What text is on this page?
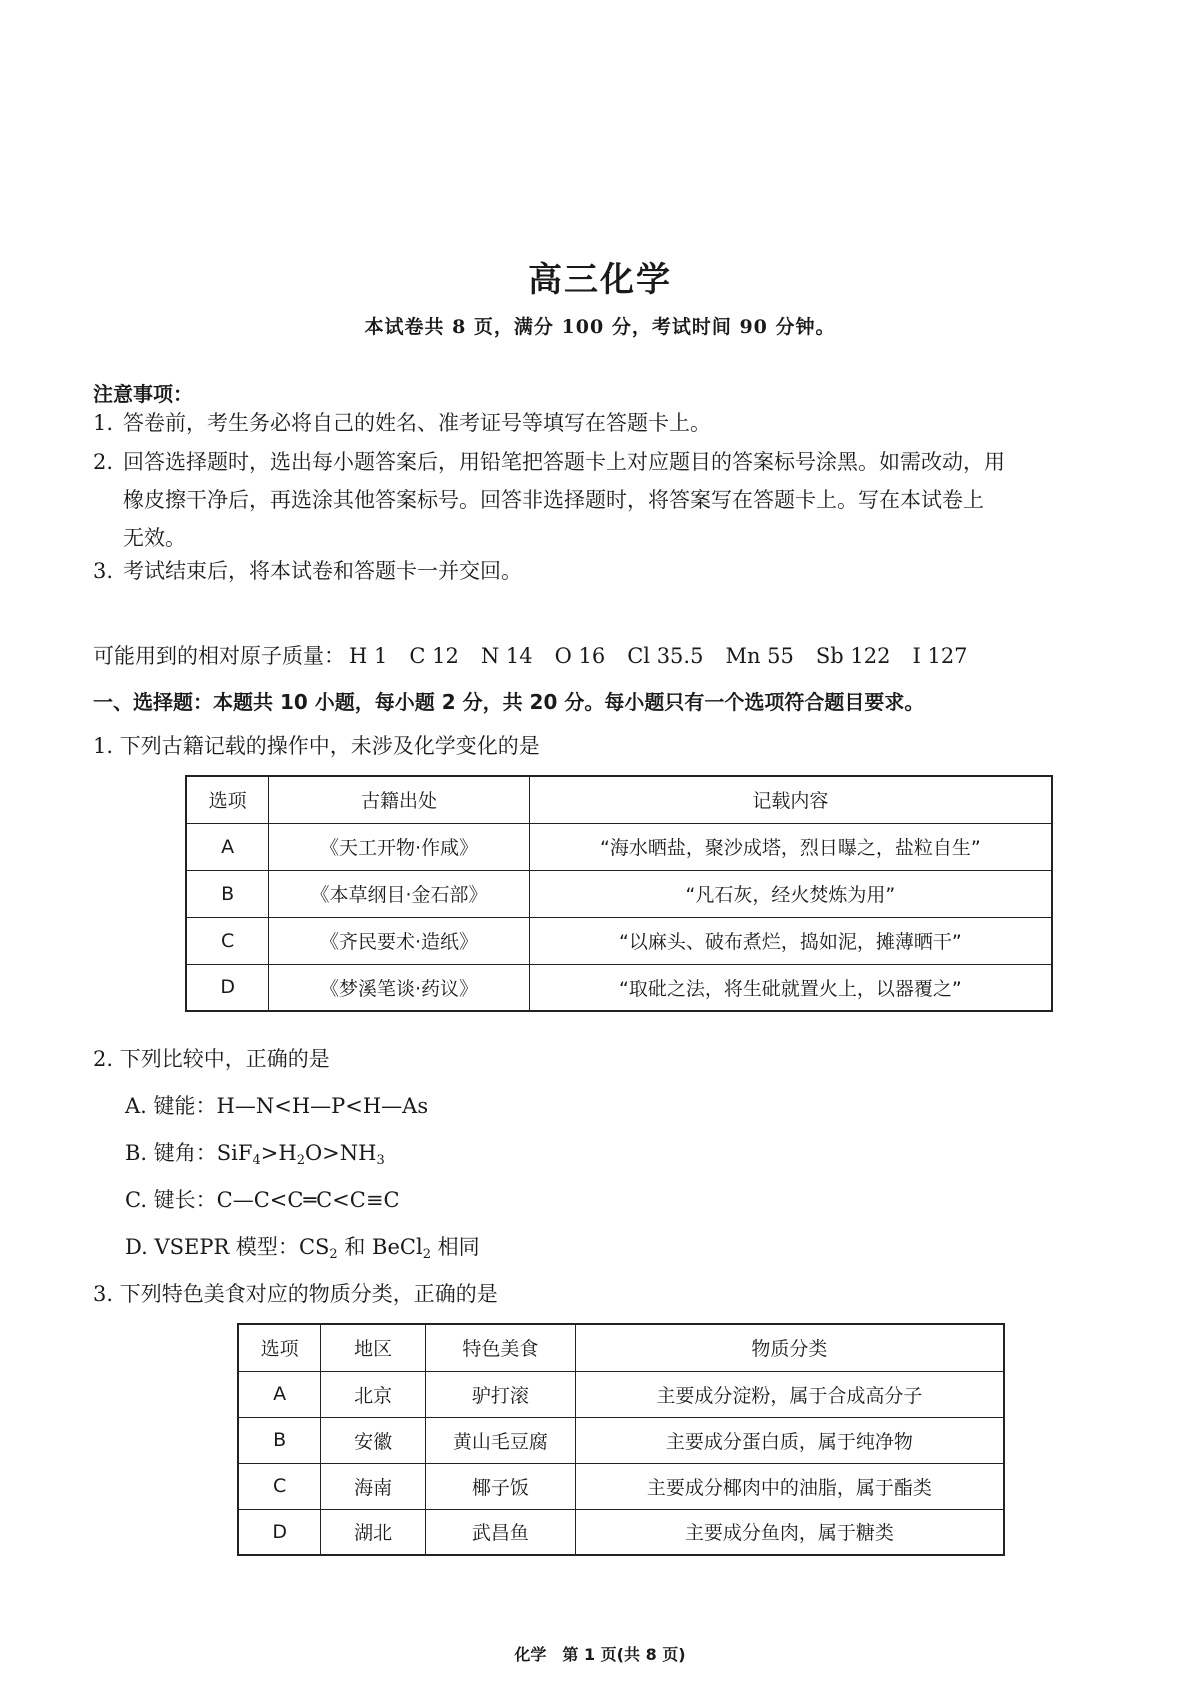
高三化学
本试卷共 8 页，满分 100 分，考试时间 90 分钟。
注意事项：
1. 答卷前，考生务必将自己的姓名、准考证号等填写在答题卡上。
2. 回答选择题时，选出每小题答案后，用铅笔把答题卡上对应题目的答案标号涂黑。如需改动，用
橡皮擦干净后，再选涂其他答案标号。回答非选择题时，将答案写在答题卡上。写在本试卷上
无效。
3. 考试结束后，将本试卷和答题卡一并交回。
可能用到的相对原子质量： H 1 C 12 N 14 O 16 Cl 35.5 Mn 55 Sb 122 I 127
一、选择题：本题共 10 小题，每小题 2 分，共 20 分。每小题只有一个选项符合题目要求。
1. 下列古籍记载的操作中，未涉及化学变化的是
选项	古籍出处	记载内容
A	《天工开物·作咸》	“海水晒盐，聚沙成塔，烈日曝之，盐粒自生”
B	《本草纲目·金石部》	“凡石灰，经火焚炼为用”
C	《齐民要术·造纸》	“以麻头、破布煮烂，捣如泥，摊薄晒干”
D	《梦溪笔谈·药议》	“取砒之法，将生砒就置火上，以器覆之”
2. 下列比较中，正确的是
A. 键能：H—N<H—P<H—As
B. 键角：$SiF_4>H_2O>NH_3$
C. 键长：C—C<C═C<C≡C
D. VSEPR 模型：$CS_2$ 和 BeCl$_2$ 相同
3. 下列特色美食对应的物质分类，正确的是
选项	地区	特色美食	物质分类
A	北京	驴打滚	主要成分淀粉，属于合成高分子
B	安徽	黄山毛豆腐	主要成分蛋白质，属于纯净物
C	海南	椰子饭	主要成分椰肉中的油脂，属于酯类
D	湖北	武昌鱼	主要成分鱼肉，属于糖类
化学　第 1 页(共 8 页)
